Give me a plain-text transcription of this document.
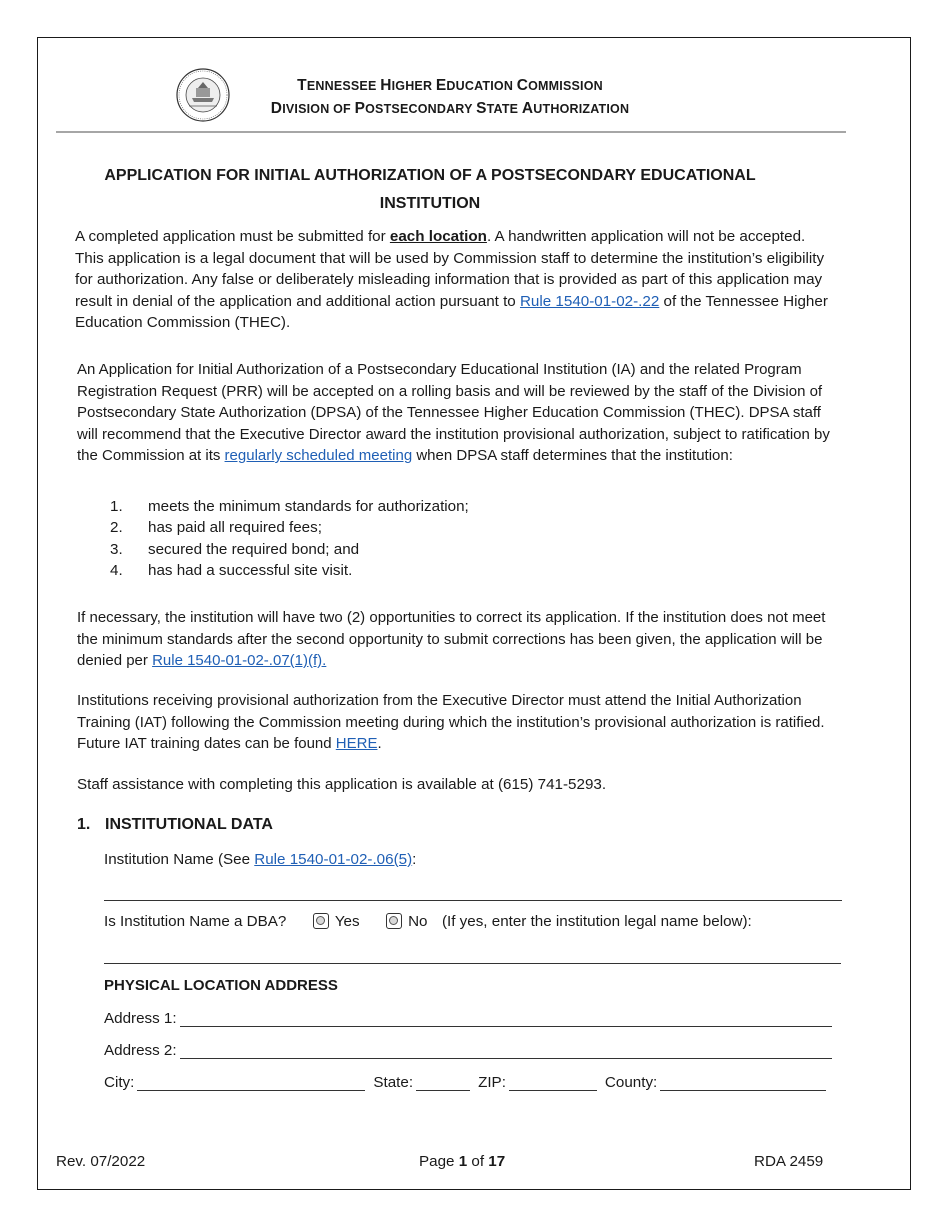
TENNESSEE HIGHER EDUCATION COMMISSION
DIVISION OF POSTSECONDARY STATE AUTHORIZATION
APPLICATION FOR INITIAL AUTHORIZATION OF A POSTSECONDARY EDUCATIONAL
INSTITUTION

A completed application must be submitted for each location. A handwritten application will not be accepted. This application is a legal document that will be used by Commission staff to determine the institution’s eligibility for authorization. Any false or deliberately misleading information that is provided as part of this application may result in denial of the application and additional action pursuant to Rule 1540-01-02-.22 of the Tennessee Higher Education Commission (THEC).

An Application for Initial Authorization of a Postsecondary Educational Institution (IA) and the related Program Registration Request (PRR) will be accepted on a rolling basis and will be reviewed by the staff of the Division of Postsecondary State Authorization (DPSA) of the Tennessee Higher Education Commission (THEC). DPSA staff will recommend that the Executive Director award the institution provisional authorization, subject to ratification by the Commission at its regularly scheduled meeting when DPSA staff determines that the institution:

1.	meets the minimum standards for authorization;
2.	has paid all required fees;
3.	secured the required bond; and
4.	has had a successful site visit.

If necessary, the institution will have two (2) opportunities to correct its application. If the institution does not meet the minimum standards after the second opportunity to submit corrections has been given, the application will be denied per Rule 1540-01-02-.07(1)(f).

Institutions receiving provisional authorization from the Executive Director must attend the Initial Authorization Training (IAT) following the Commission meeting during which the institution’s provisional authorization is ratified. Future IAT training dates can be found HERE.

Staff assistance with completing this application is available at (615) 741-5293.

1. INSTITUTIONAL DATA
Institution Name (See Rule 1540-01-02-.06(5):
Is Institution Name a DBA?	Yes	No (If yes, enter the institution legal name below):
PHYSICAL LOCATION ADDRESS
Address 1:
Address 2:
City:	State:	ZIP:	County:
Rev. 07/2022	Page 1 of 17	RDA 2459
